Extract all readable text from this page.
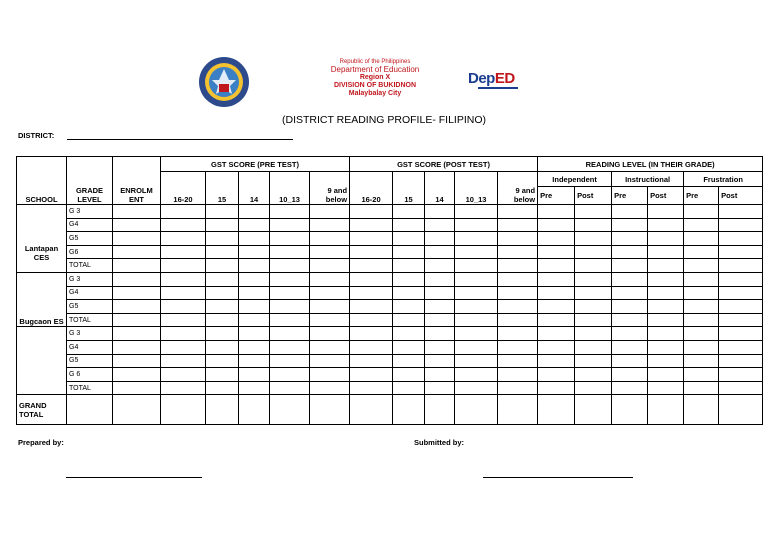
Republic of the Philippines
Department of Education
Region X
DIVISION OF BUKIDNON
Malaybalay City
DepED
(DISTRICT READING PROFILE- FILIPINO)
DISTRICT:
SCHOOL	GRADE LEVEL	ENROLM ENT	GST SCORE (PRE TEST)					GST SCORE (POST TEST)					READING LEVEL (IN THEIR GRADE)					
			16-20	15	14	10_13	9 and below	16-20	15	14	10_13	9 and below	Independent		Instructional		Frustration	
													Pre	Post	Pre	Post	Pre	Post
Lantapan CES	G 3																	
	G4																	
	G5																	
	G6																	
	TOTAL																	
Bugcaon ES	G 3																	
	G4																	
	G5																	
	TOTAL																	
	G 3																	
	G4																	
	G5																	
	G 6																	
	TOTAL																	
GRAND TOTAL																		
Prepared by:	Submitted by:
